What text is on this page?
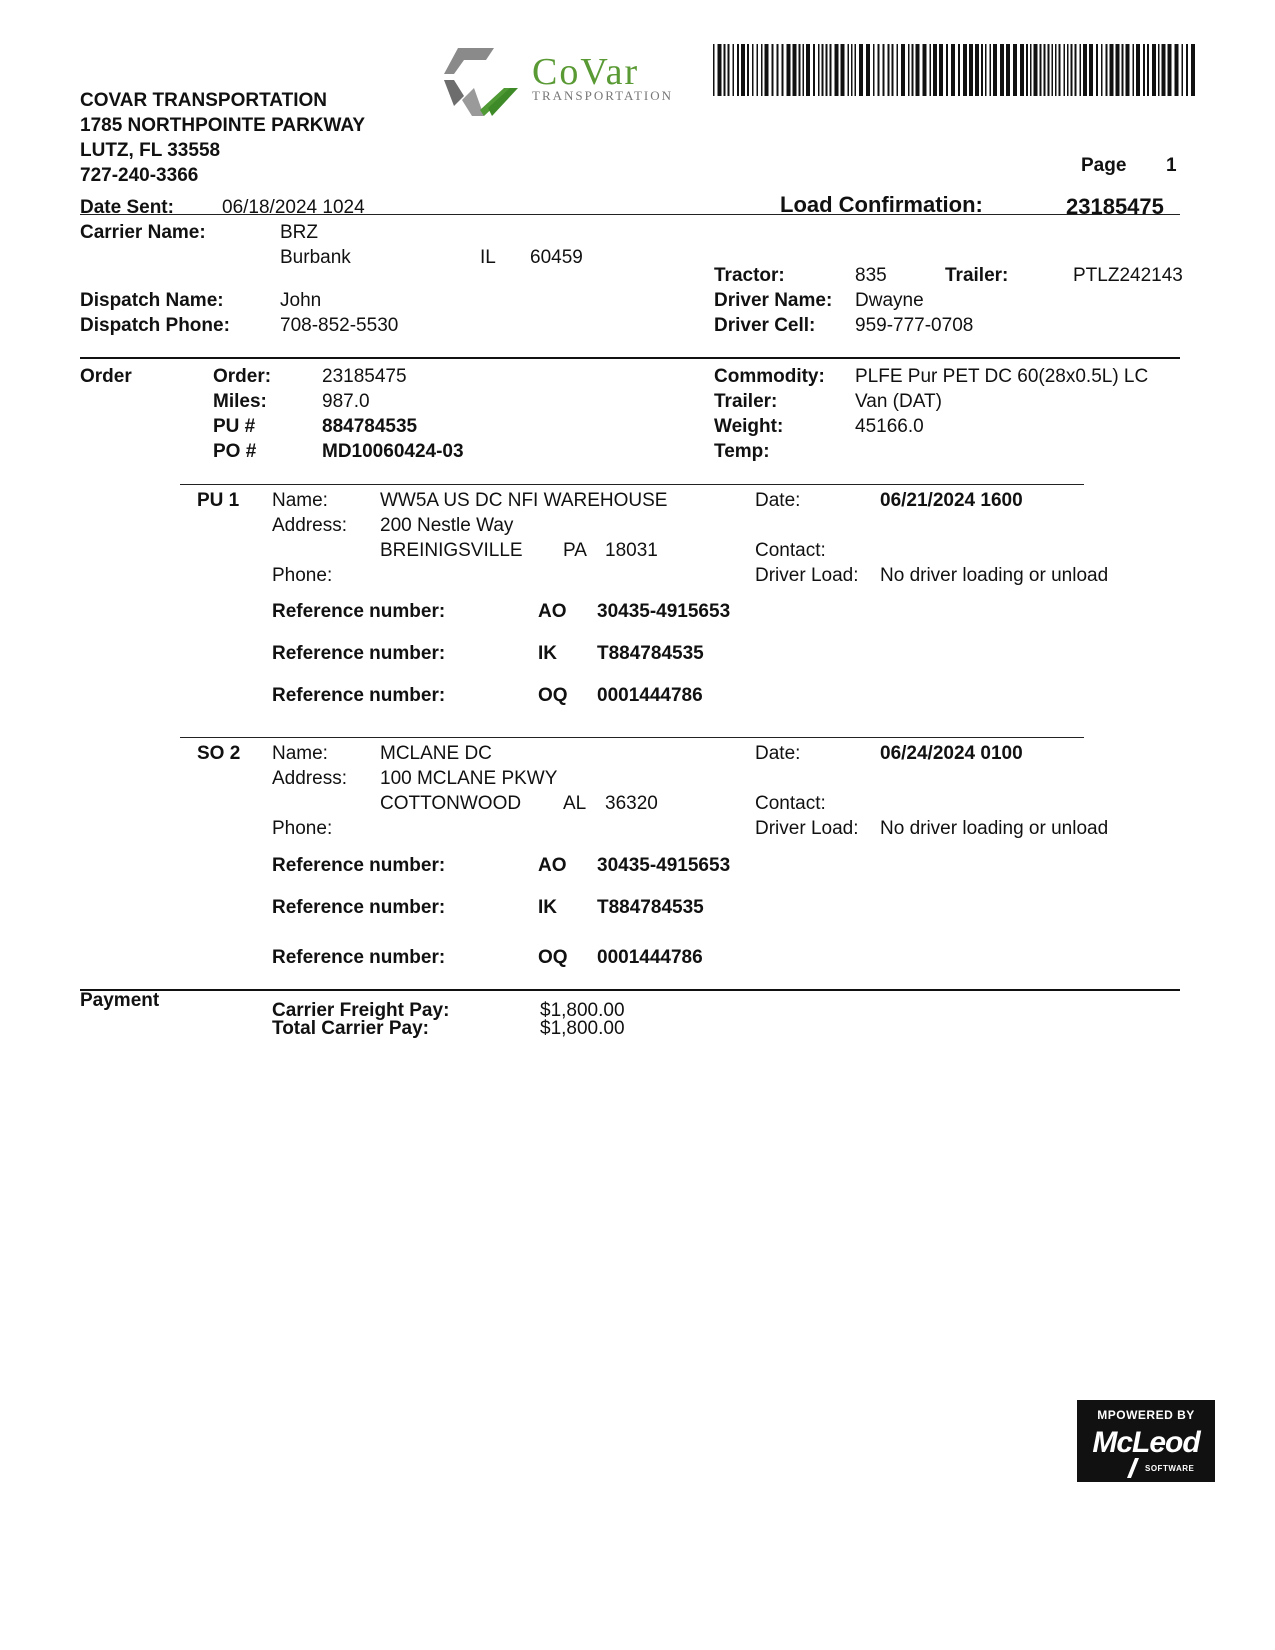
COVAR TRANSPORTATION
1785 NORTHPOINTE PARKWAY
LUTZ, FL 33558
727-240-3366
CoVar
TRANSPORTATION
Page 1
Date Sent:	06/18/2024 1024	Load Confirmation:	23185475
Carrier Name:	BRZ
Burbank	IL 60459
Dispatch Name:	John
Dispatch Phone:	708-852-5530
Tractor:	835	Trailer:	PTLZ242143
Driver Name: Dwayne
Driver Cell: 959-777-0708
Order	Order:	23185475
Miles:	987.0
PU #	884784535
PO #	MD10060424-03
Commodity: PLFE Pur PET DC 60(28x0.5L) LC
Trailer:	Van (DAT)
Weight:	45166.0
Temp:
PU 1 Name:	WW5A US DC NFI WAREHOUSE
Address: 200 Nestle Way
BREINIGSVILLE PA 18031
Phone:
Date:	06/21/2024 1600
Contact:
Driver Load: No driver loading or unload
Reference number:	AO 30435-4915653
Reference number:	IK T884784535
Reference number:	OQ 0001444786
SO 2 Name:	MCLANE DC
Address: 100 MCLANE PKWY
COTTONWOOD AL 36320
Phone:
Date:	06/24/2024 0100
Contact:
Driver Load: No driver loading or unload
Reference number:	AO 30435-4915653
Reference number:	IK T884784535
Reference number:	OQ 0001444786
Payment	Carrier Freight Pay:	$1,800.00
Total Carrier Pay:	$1,800.00
MPOWERED BY
McLeod
SOFTWARE
